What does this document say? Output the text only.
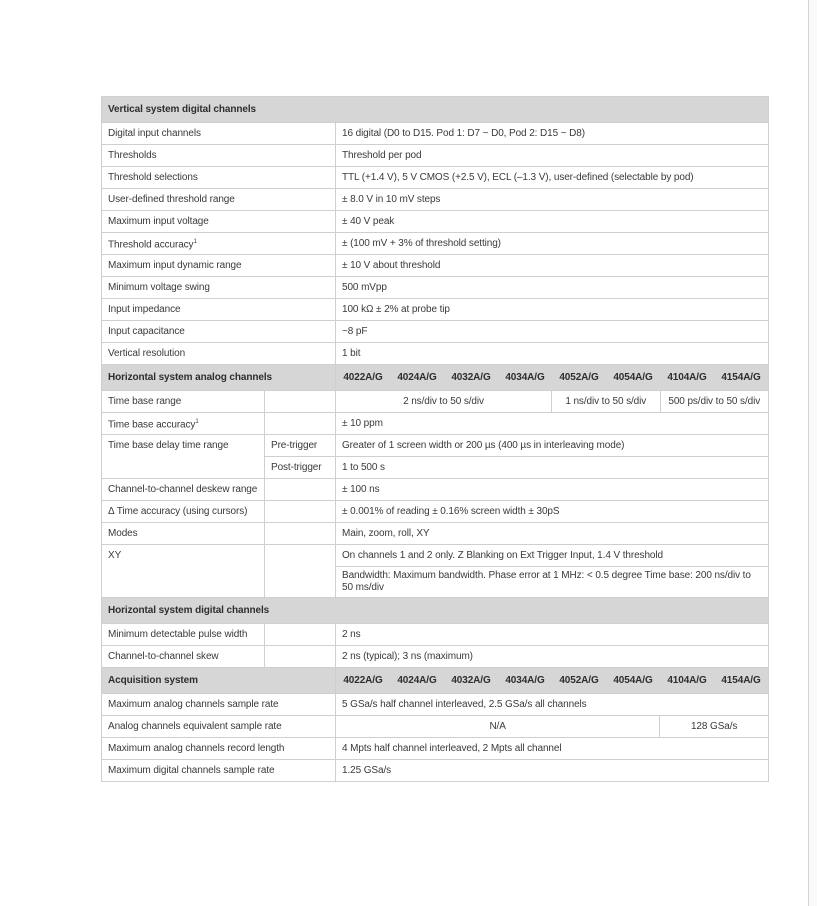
Vertical system digital channels
Digital input channels	16 digital (D0 to D15. Pod 1: D7 ~ D0, Pod 2: D15 ~ D8)
Thresholds	Threshold per pod
Threshold selections	TTL (+1.4 V), 5 V CMOS (+2.5 V), ECL (–1.3 V), user-defined (selectable by pod)
User-defined threshold range	± 8.0 V in 10 mV steps
Maximum input voltage	± 40 V peak
Threshold accuracy$^1$	± (100 mV + 3% of threshold setting)
Maximum input dynamic range	± 10 V about threshold
Minimum voltage swing	500 mVpp
Input impedance	100 kΩ ± 2% at probe tip
Input capacitance	~8 pF
Vertical resolution	1 bit
Horizontal system analog channels		4022A/G	4024A/G	4032A/G	4034A/G	4052A/G	4054A/G	4104A/G	4154A/G

Time base range			2 ns/div to 50 s/div	1 ns/div to 50 s/div	500 ps/div to 50 s/div

Time base accuracy$^1$		± 10 ppm
Time base delay time range	Pre-trigger	Greater of 1 screen width or 200 µs (400 µs in interleaving mode)
	Post-trigger	1 to 500 s
Channel-to-channel deskew range		± 100 ns
Δ Time accuracy (using cursors)		± 0.001% of reading ± 0.16% screen width ± 30pS
Modes		Main, zoom, roll, XY
XY		On channels 1 and 2 only. Z Blanking on Ext Trigger Input, 1.4 V threshold
		Bandwidth: Maximum bandwidth. Phase error at 1 MHz: < 0.5 degree Time base: 200 ns/div to 50 ms/div
Horizontal system digital channels
Minimum detectable pulse width		2 ns
Channel-to-channel skew		2 ns (typical); 3 ns (maximum)
Acquisition system		4022A/G	4024A/G	4032A/G	4034A/G	4052A/G	4054A/G	4104A/G	4154A/G

Maximum analog channels sample rate	5 GSa/s half channel interleaved, 2.5 GSa/s all channels
Analog channels equivalent sample rate		N/A	128 GSa/s

Maximum analog channels record length	4 Mpts half channel interleaved, 2 Mpts all channel
Maximum digital channels sample rate	1.25 GSa/s
